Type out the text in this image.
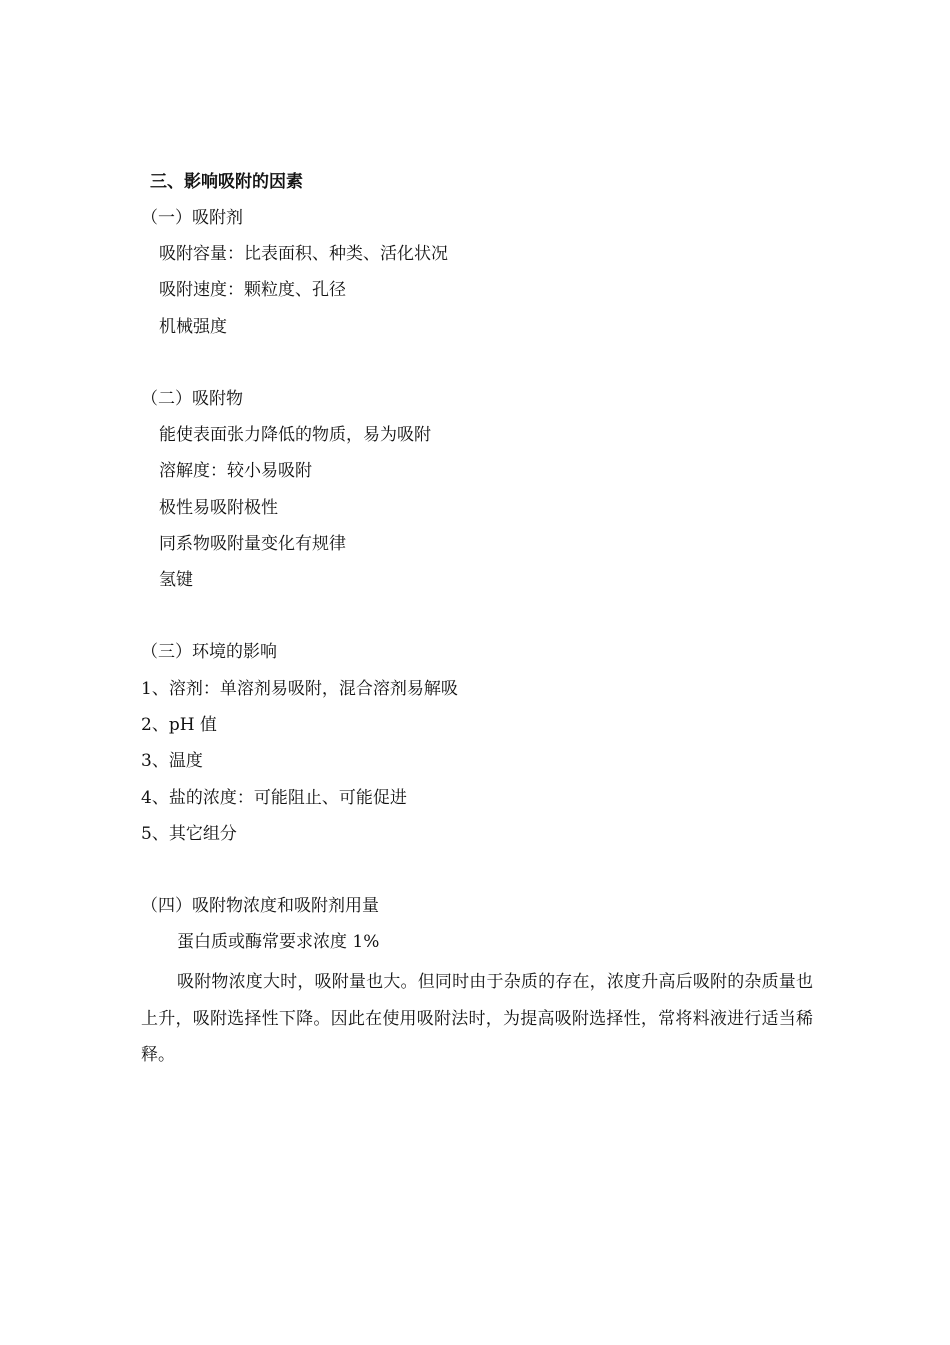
三、影响吸附的因素
（一）吸附剂
吸附容量：比表面积、种类、活化状况
吸附速度：颗粒度、孔径
机械强度
（二）吸附物
能使表面张力降低的物质，易为吸附
溶解度：较小易吸附
极性易吸附极性
同系物吸附量变化有规律
氢键
（三）环境的影响
1、溶剂：单溶剂易吸附，混合溶剂易解吸
2、pH 值
3、温度
4、盐的浓度：可能阻止、可能促进
5、其它组分
（四）吸附物浓度和吸附剂用量
蛋白质或酶常要求浓度 1%
吸附物浓度大时，吸附量也大。但同时由于杂质的存在，浓度升高后吸附的杂质量也上升，吸附选择性下降。因此在使用吸附法时，为提高吸附选择性，常将料液进行适当稀释。
